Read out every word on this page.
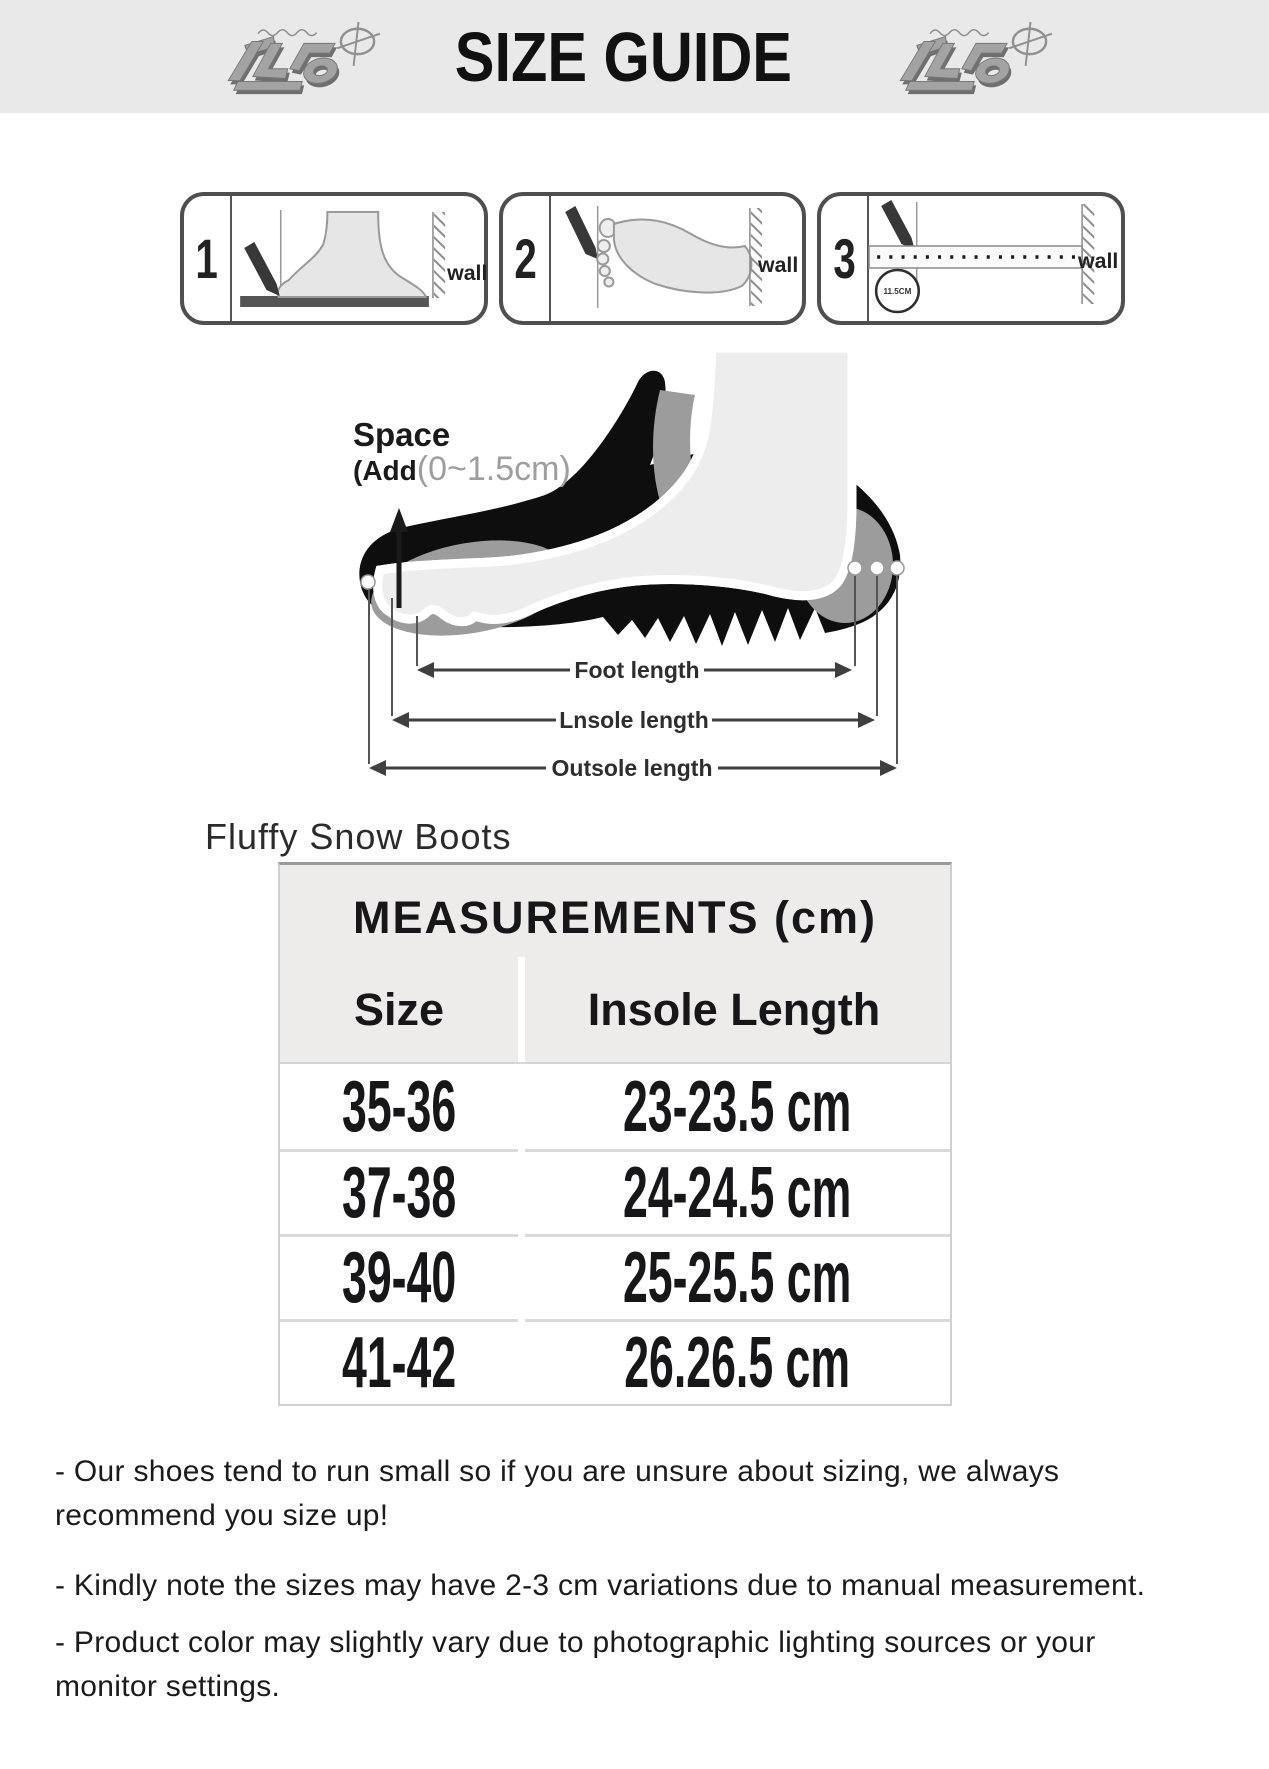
SIZE GUIDE
1	wall 2	wall 3
11.5CM
wall
Foot length
Lnsole length
Outsole length
Space
(Add(0~1.5cm)
Fluffy Snow Boots
MEASUREMENTS (cm)
Size	Insole Length
35-36 23-23.5 cm
37-38 24-24.5 cm
39-40 25-25.5 cm
41-42 26.26.5 cm
- Our shoes tend to run small so if you are unsure about sizing, we always
recommend you size up!
- Kindly note the sizes may have 2-3 cm variations due to manual measurement.
- Product color may slightly vary due to photographic lighting sources or your
monitor settings.
